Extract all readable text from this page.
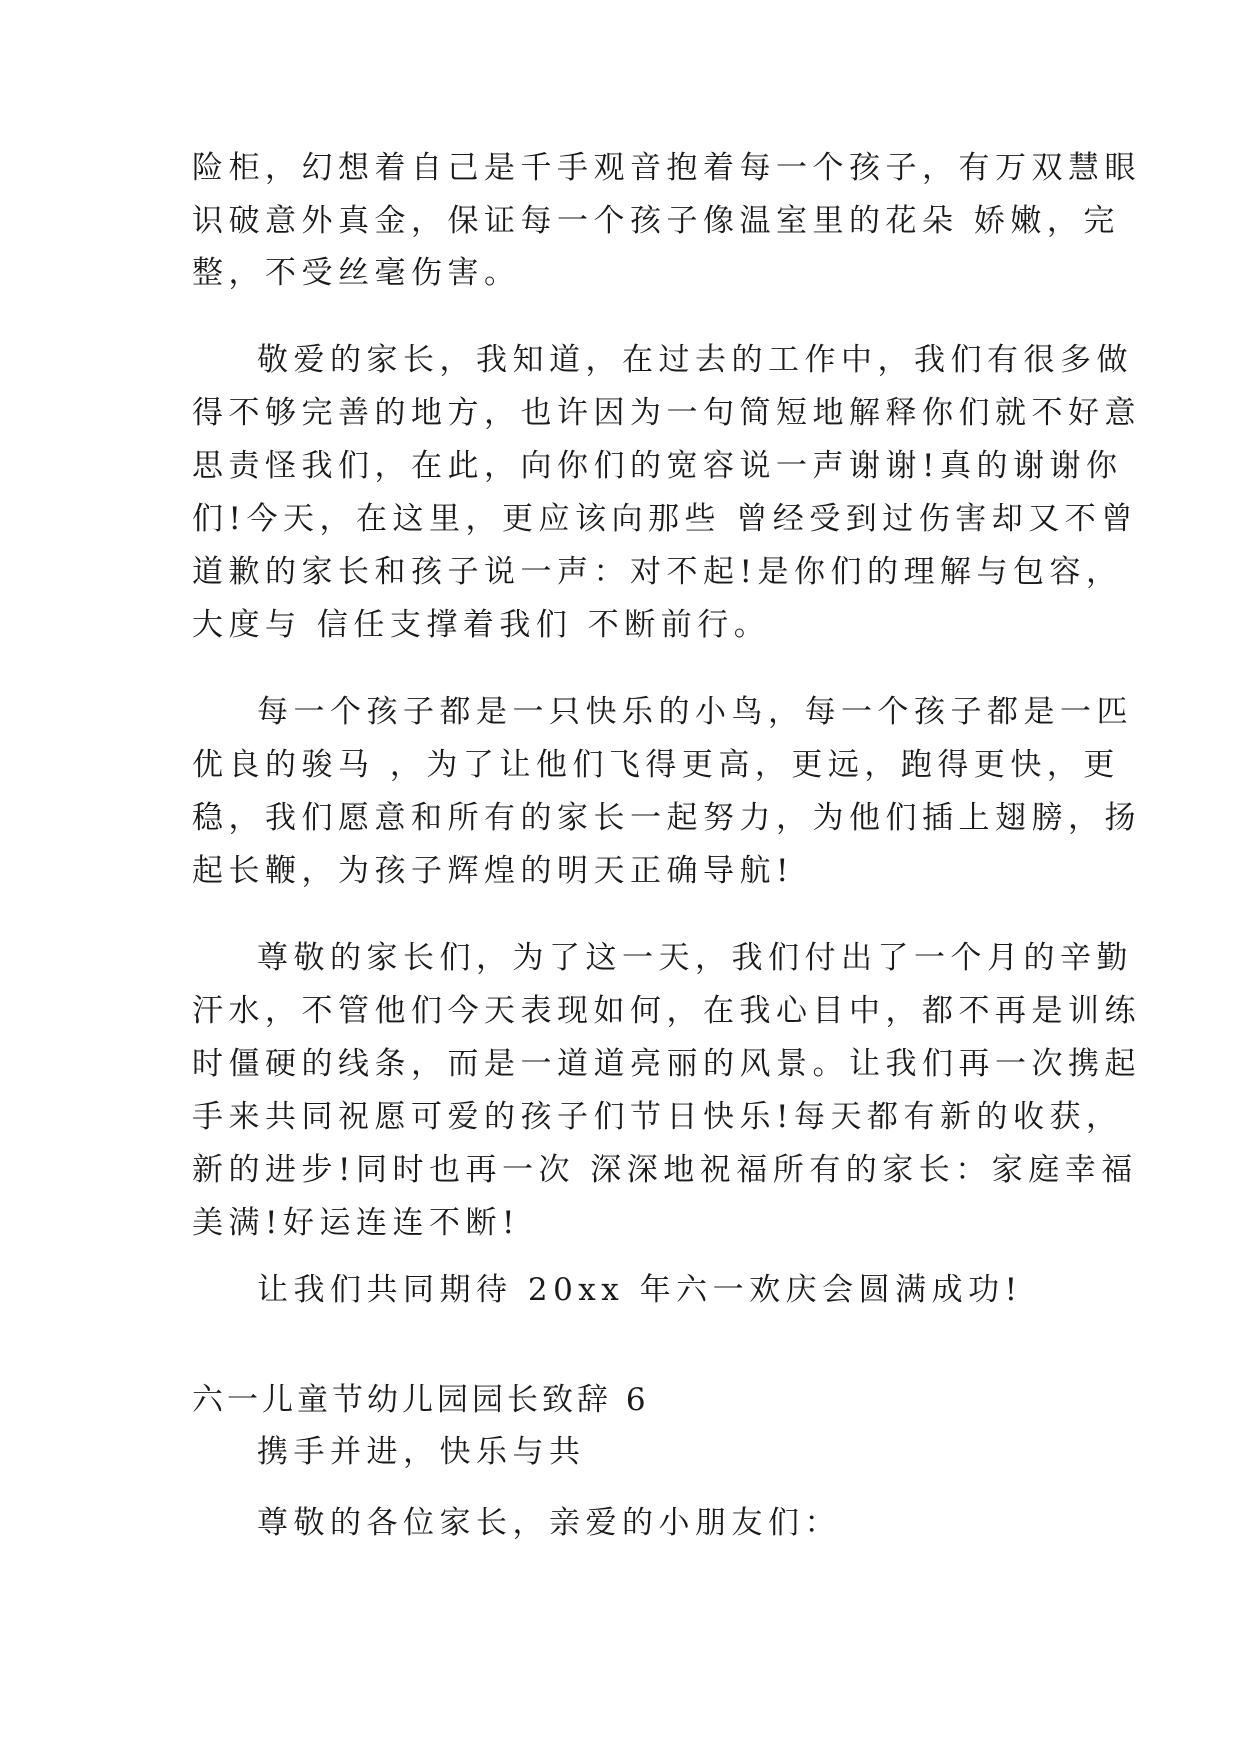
险柜，幻想着自己是千手观音抱着每一个孩子，有万双慧眼
识破意外真金，保证每一个孩子像温室里的花朵 娇嫩，完
整，不受丝毫伤害。
敬爱的家长，我知道，在过去的工作中，我们有很多做
得不够完善的地方，也许因为一句简短地解释你们就不好意
思责怪我们，在此，向你们的宽容说一声谢谢!真的谢谢你
们!今天，在这里，更应该向那些 曾经受到过伤害却又不曾
道歉的家长和孩子说一声：对不起!是你们的理解与包容，
大度与 信任支撑着我们 不断前行。
每一个孩子都是一只快乐的小鸟，每一个孩子都是一匹
优良的骏马 ，为了让他们飞得更高，更远，跑得更快，更
稳，我们愿意和所有的家长一起努力，为他们插上翅膀，扬
起长鞭，为孩子辉煌的明天正确导航!
尊敬的家长们，为了这一天，我们付出了一个月的辛勤
汗水，不管他们今天表现如何，在我心目中，都不再是训练
时僵硬的线条，而是一道道亮丽的风景。让我们再一次携起
手来共同祝愿可爱的孩子们节日快乐!每天都有新的收获，
新的进步!同时也再一次 深深地祝福所有的家长：家庭幸福
美满!好运连连不断!
让我们共同期待 20xx 年六一欢庆会圆满成功!
六一儿童节幼儿园园长致辞 6
携手并进，快乐与共
尊敬的各位家长，亲爱的小朋友们：
